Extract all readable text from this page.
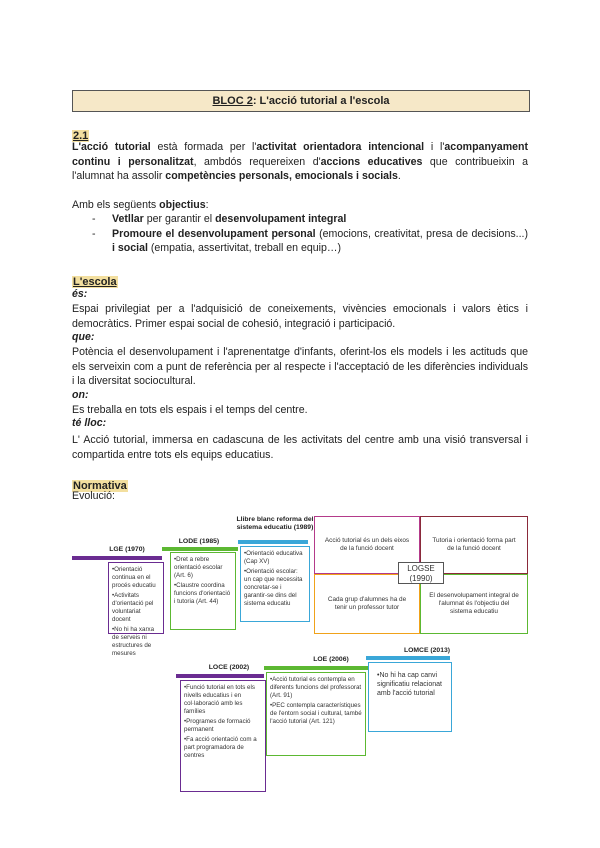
BLOC 2: L'acció tutorial a l'escola
2.1

L'acció tutorial està formada per l'activitat orientadora intencional i l'acompanyament continu i personalitzat, ambdós requereixen d'accions educatives que contribueixin a l'alumnat ha assolir competències personals, emocionals i socials.

Amb els següents objectius:

- Vetllar per garantir el desenvolupament integral
- Promoure el desenvolupament personal (emocions, creativitat, presa de decisions...) i social (empatia, assertivitat, treball en equip…)
L'escola
és:

Espai privilegiat per a l'adquisició de coneixements, vivències emocionals i valors ètics i democràtics. Primer espai social de cohesió, integració i participació.

que:

Potència el desenvolupament i l'aprenentatge d'infants, oferint-los els models i les actituds que els serveixin com a punt de referència per al respecte i l'acceptació de les diferències individuals i la diversitat sociocultural.

on:

Es treballa en tots els espais i el temps del centre.

té lloc:

L' Acció tutorial, immersa en cadascuna de les activitats del centre amb una visió transversal i compartida entre tots els equips educatius.

Normativa
Evolució:
LGE (1970)
•Orientació continua en el procés educatiu
•Activitats d'orientació pel voluntariat docent
•No hi ha xarxa de serveis ni estructures de mesures
LODE (1985)
•Dret a rebre orientació escolar (Art. 6)
•Claustre coordina funcions d'orientació i tutoria (Art. 44)
Llibre blanc reforma del sistema educatiu (1989)
•Orientació educativa (Cap XV)
•Orientació escolar: un cap que necessita concretar-se i garantir-se dins del sistema educatiu
Acció tutorial és un dels eixos de la funció docent
Tutoria i orientació forma part de la funció docent
Cada grup d'alumnes ha de tenir un professor tutor
El desenvolupament integral de l'alumnat és l'objectiu del sistema educatiu
LOGSE (1990)
LOCE (2002)
•Funció tutorial en tots els nivells educatius i en col·laboració amb les famílies
•Programes de formació permanent
•Fa acció orientació com a part programadora de centres
LOE (2006)
•Acció tutorial es contempla en diferents funcions del professorat (Art. 91)
•PEC contempla característiques de l'entorn social i cultural, també l'acció tutorial (Art. 121)
LOMCE (2013)
•No hi ha cap canvi significatiu relacionat amb l'acció tutorial
